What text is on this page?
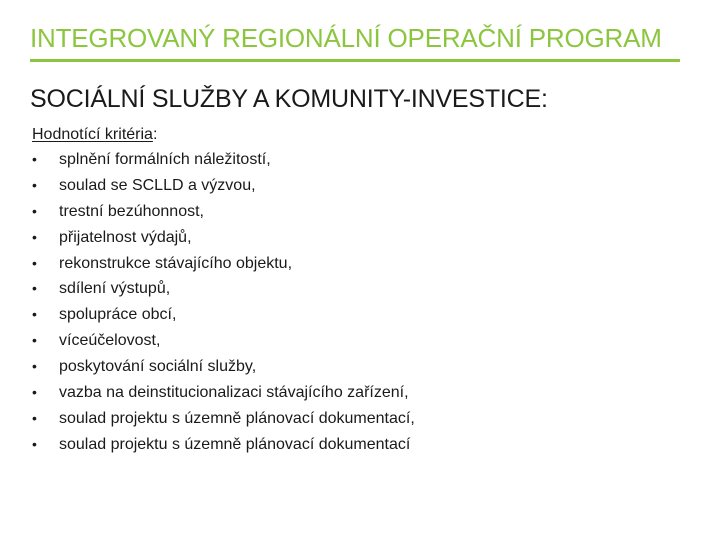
INTEGROVANÝ REGIONÁLNÍ OPERAČNÍ PROGRAM
SOCIÁLNÍ SLUŽBY A KOMUNITY-INVESTICE:
Hodnotící kritéria:
•	splnění formálních náležitostí,
•	soulad se SCLLD a výzvou,
•	trestní bezúhonnost,
•	přijatelnost výdajů,
•	rekonstrukce stávajícího objektu,
•	sdílení výstupů,
•	spolupráce obcí,
•	víceúčelovost,
•	poskytování sociální služby,
•	vazba na deinstitucionalizaci stávajícího zařízení,
•	soulad projektu s územně plánovací dokumentací,
•	soulad projektu s územně plánovací dokumentací
